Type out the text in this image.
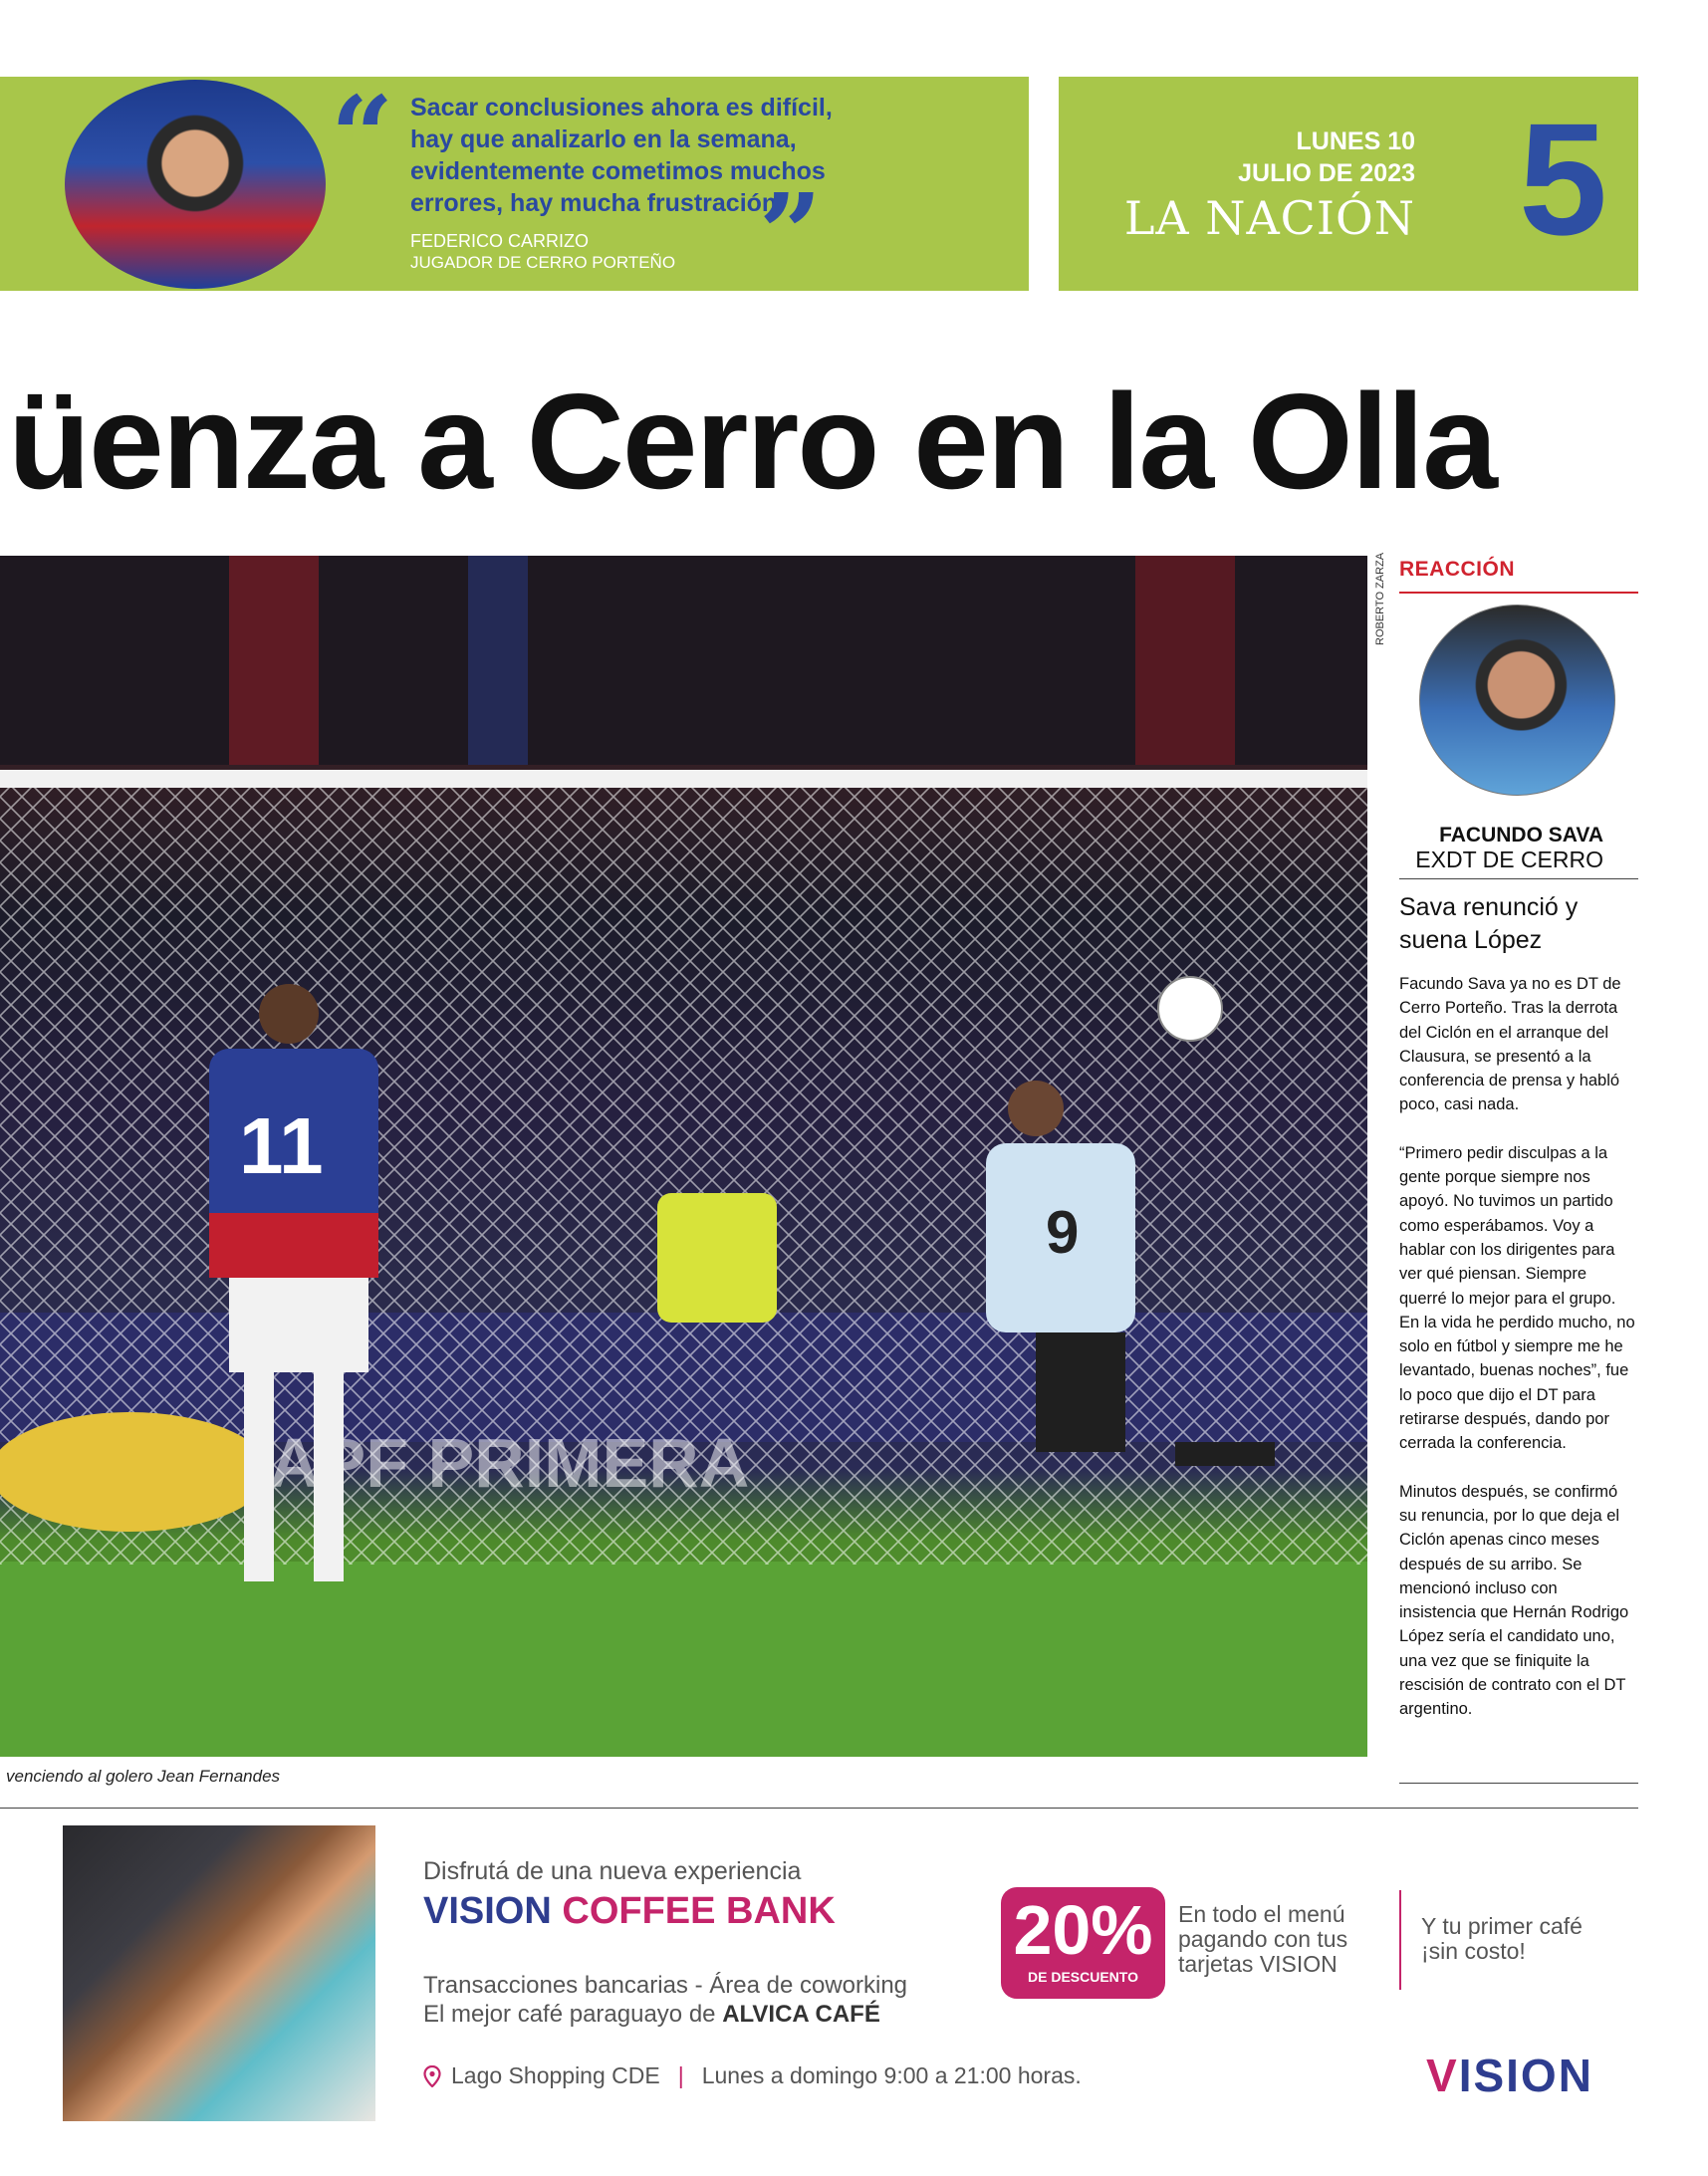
“ Sacar conclusiones ahora es difícil, hay que analizarlo en la semana, evidentemente cometimos muchos errores, hay mucha frustración
”
FEDERICO CARRIZO
JUGADOR DE CERRO PORTEÑO
LUNES 10
JULIO DE 2023
LA NACIÓN 5
üenza a Cerro en la Olla
11
9
ROBERTO ZARZA
venciendo al golero Jean Fernandes
REACCIÓN
FACUNDO SAVA
EXDT DE CERRO
Sava renunció y suena López

Facundo Sava ya no es DT de Cerro Porteño. Tras la derrota del Ciclón en el arranque del Clausura, se presentó a la conferencia de prensa y habló poco, casi nada.

“Primero pedir disculpas a la gente porque siempre nos apoyó. No tuvimos un partido como esperábamos. Voy a hablar con los dirigentes para ver qué piensan. Siempre querré lo mejor para el grupo. En la vida he perdido mucho, no solo en fútbol y siempre me he levantado, buenas noches”, fue lo poco que dijo el DT para retirarse después, dando por cerrada la conferencia.

Minutos después, se confirmó su renuncia, por lo que deja el Ciclón apenas cinco meses después de su arribo. Se mencionó incluso con insistencia que Hernán Rodrigo López sería el candidato uno, una vez que se finiquite la rescisión de contrato con el DT argentino.

Disfrutá de una nueva experiencia
VISION COFFEE BANK
Transacciones bancarias - Área de coworking
El mejor café paraguayo de ALVICA CAFÉ
Lago Shopping CDE | Lunes a domingo 9:00 a 21:00 horas.
20%
DE DESCUENTO
En todo el menú pagando con tus tarjetas VISION
Y tu primer café ¡sin costo!
VISION
